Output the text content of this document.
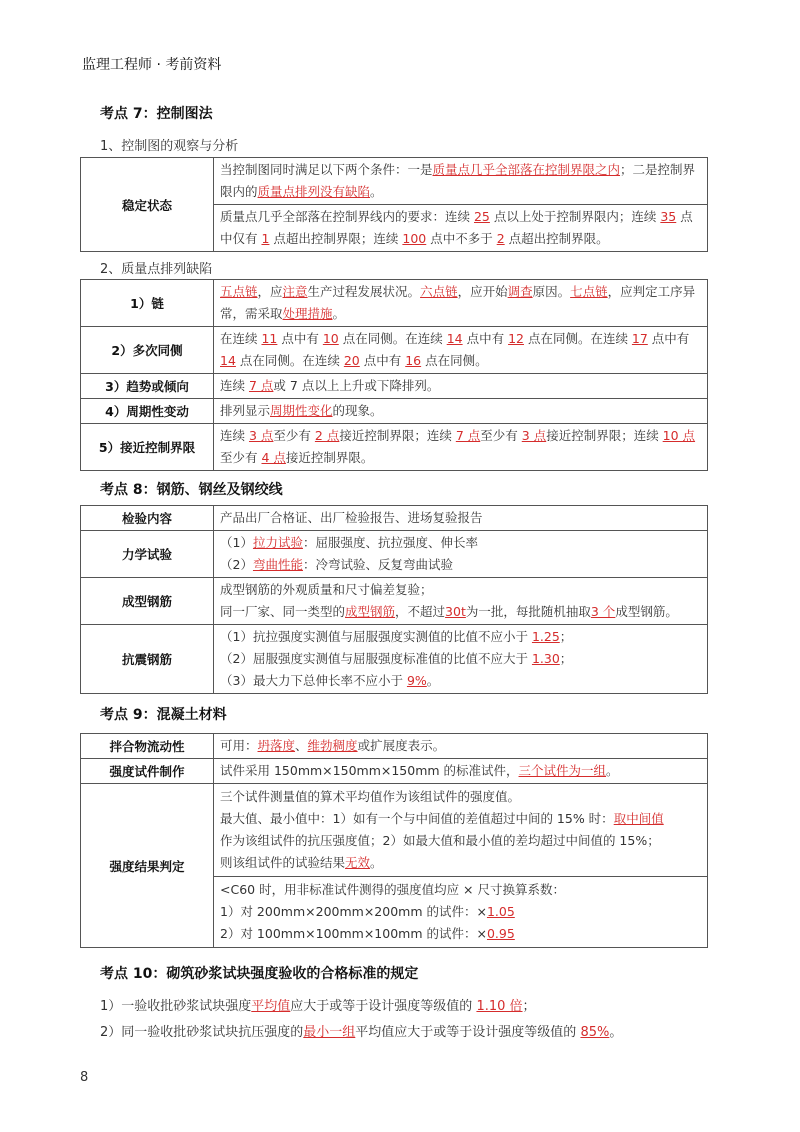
监理工程师 · 考前资料
考点 7：控制图法
1、控制图的观察与分析
稳定状态	当控制图同时满足以下两个条件：一是质量点几乎全部落在控制界限之内；二是控制界限内的质量点排列没有缺陷。
质量点几乎全部落在控制界线内的要求：连续 25 点以上处于控制界限内；连续 35 点中仅有 1 点超出控制界限；连续 100 点中不多于 2 点超出控制界限。
2、质量点排列缺陷
1）链	五点链，应注意生产过程发展状况。六点链，应开始调查原因。七点链，应判定工序异常，需采取处理措施。
2）多次同侧	在连续 11 点中有 10 点在同侧。在连续 14 点中有 12 点在同侧。在连续 17 点中有 14 点在同侧。在连续 20 点中有 16 点在同侧。
3）趋势或倾向	连续 7 点或 7 点以上上升或下降排列。
4）周期性变动	排列显示周期性变化的现象。
5）接近控制界限	连续 3 点至少有 2 点接近控制界限；连续 7 点至少有 3 点接近控制界限；连续 10 点至少有 4 点接近控制界限。
考点 8：钢筋、钢丝及钢绞线
检验内容	产品出厂合格证、出厂检验报告、进场复验报告
力学试验	（1）拉力试验：屈服强度、抗拉强度、伸长率
（2）弯曲性能：冷弯试验、反复弯曲试验

成型钢筋	成型钢筋的外观质量和尺寸偏差复验；
同一厂家、同一类型的成型钢筋，不超过30t为一批，每批随机抽取3 个成型钢筋。

抗震钢筋	（1）抗拉强度实测值与屈服强度实测值的比值不应小于 1.25；
（2）屈服强度实测值与屈服强度标准值的比值不应大于 1.30；
（3）最大力下总伸长率不应小于 9%。
考点 9：混凝土材料
拌合物流动性	可用：坍落度、维勃稠度或扩展度表示。
强度试件制作	试件采用 150mm×150mm×150mm 的标准试件，三个试件为一组。
强度结果判定	三个试件测量值的算术平均值作为该组试件的强度值。
最大值、最小值中：1）如有一个与中间值的差值超过中间的 15% 时：取中间值
作为该组试件的抗压强度值；2）如最大值和最小值的差均超过中间值的 15%；
则该组试件的试验结果无效。

	<C60 时，用非标准试件测得的强度值均应 × 尺寸换算系数：
1）对 200mm×200mm×200mm 的试件：×1.05
2）对 100mm×100mm×100mm 的试件：×0.95
考点 10：砌筑砂浆试块强度验收的合格标准的规定
1）一验收批砂浆试块强度平均值应大于或等于设计强度等级值的 1.10 倍；
2）同一验收批砂浆试块抗压强度的最小一组平均值应大于或等于设计强度等级值的 85%。
8
